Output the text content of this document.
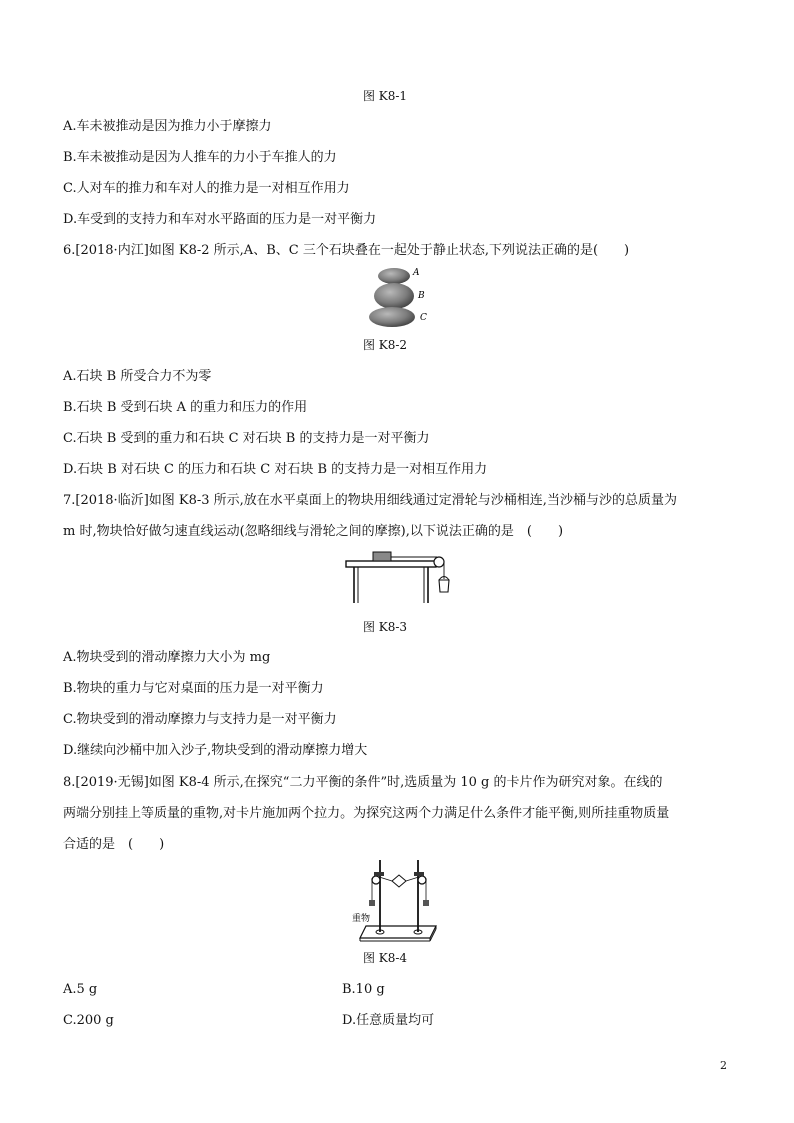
图 K8-1
A.车未被推动是因为推力小于摩擦力
B.车未被推动是因为人推车的力小于车推人的力
C.人对车的推力和车对人的推力是一对相互作用力
D.车受到的支持力和车对水平路面的压力是一对平衡力
6.[2018·内江]如图 K8-2 所示,A、B、C 三个石块叠在一起处于静止状态,下列说法正确的是(　　)
A
B
C
图 K8-2
A.石块 B 所受合力不为零
B.石块 B 受到石块 A 的重力和压力的作用
C.石块 B 受到的重力和石块 C 对石块 B 的支持力是一对平衡力
D.石块 B 对石块 C 的压力和石块 C 对石块 B 的支持力是一对相互作用力
7.[2018·临沂]如图 K8-3 所示,放在水平桌面上的物块用细线通过定滑轮与沙桶相连,当沙桶与沙的总质量为
m 时,物块恰好做匀速直线运动(忽略细线与滑轮之间的摩擦),以下说法正确的是　(　　)
图 K8-3
A.物块受到的滑动摩擦力大小为 mg
B.物块的重力与它对桌面的压力是一对平衡力
C.物块受到的滑动摩擦力与支持力是一对平衡力
D.继续向沙桶中加入沙子,物块受到的滑动摩擦力增大
8.[2019·无锡]如图 K8-4 所示,在探究“二力平衡的条件”时,选质量为 10 g 的卡片作为研究对象。在线的
两端分别挂上等质量的重物,对卡片施加两个拉力。为探究这两个力满足什么条件才能平衡,则所挂重物质量
合适的是　(　　)
重物
图 K8-4
A.5 g	B.10 g
C.200 g	D.任意质量均可
2
